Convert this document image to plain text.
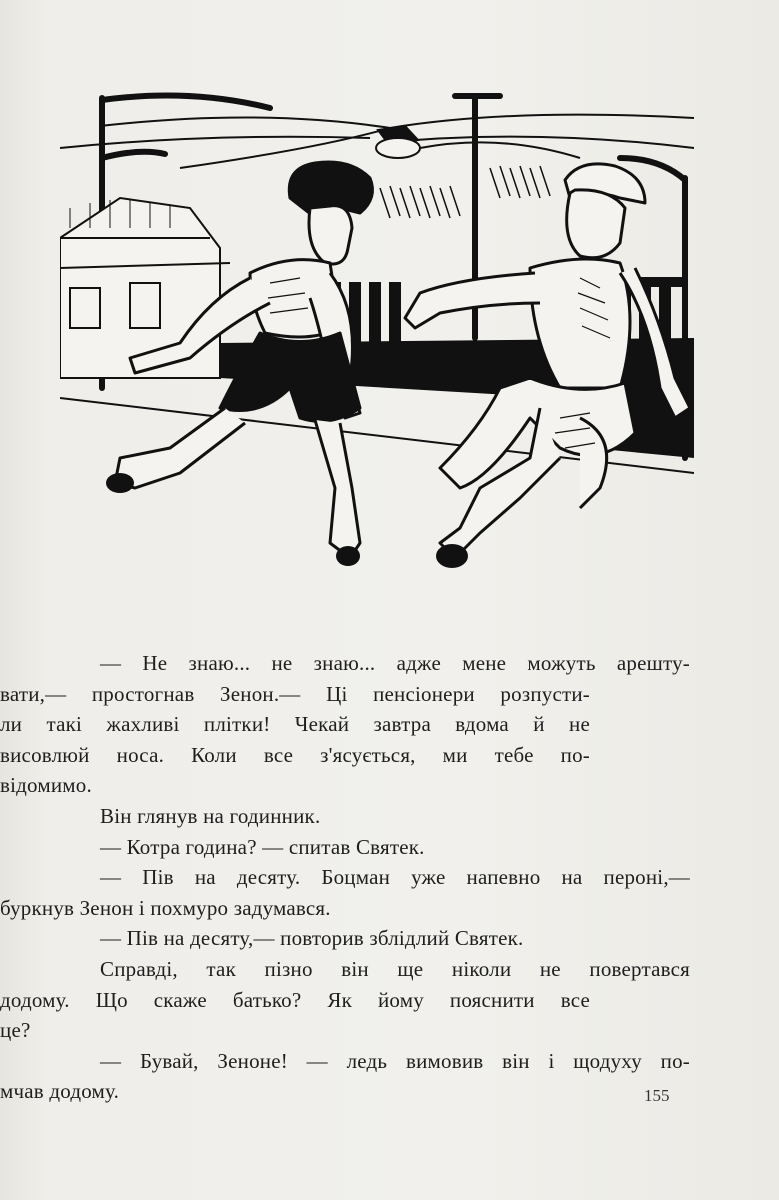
— Не знаю... не знаю... адже мене можуть арешту-
вати,— простогнав Зенон.— Ці пенсіонери розпусти-
ли такі жахливі плітки! Чекай завтра вдома й не
висовлюй носа. Коли все з'ясується, ми тебе по-
відомимо.
Він глянув на годинник.
— Котра година? — спитав Святек.
— Пів на десяту. Боцман уже напевно на пероні,—
буркнув Зенон і похмуро задумався.
— Пів на десяту,— повторив зблідлий Святек.
Справді, так пізно він ще ніколи не повертався
додому. Що скаже батько? Як йому пояснити все
це?
— Бувай, Зеноне! — ледь вимовив він і щодуху по-
мчав додому.	155
